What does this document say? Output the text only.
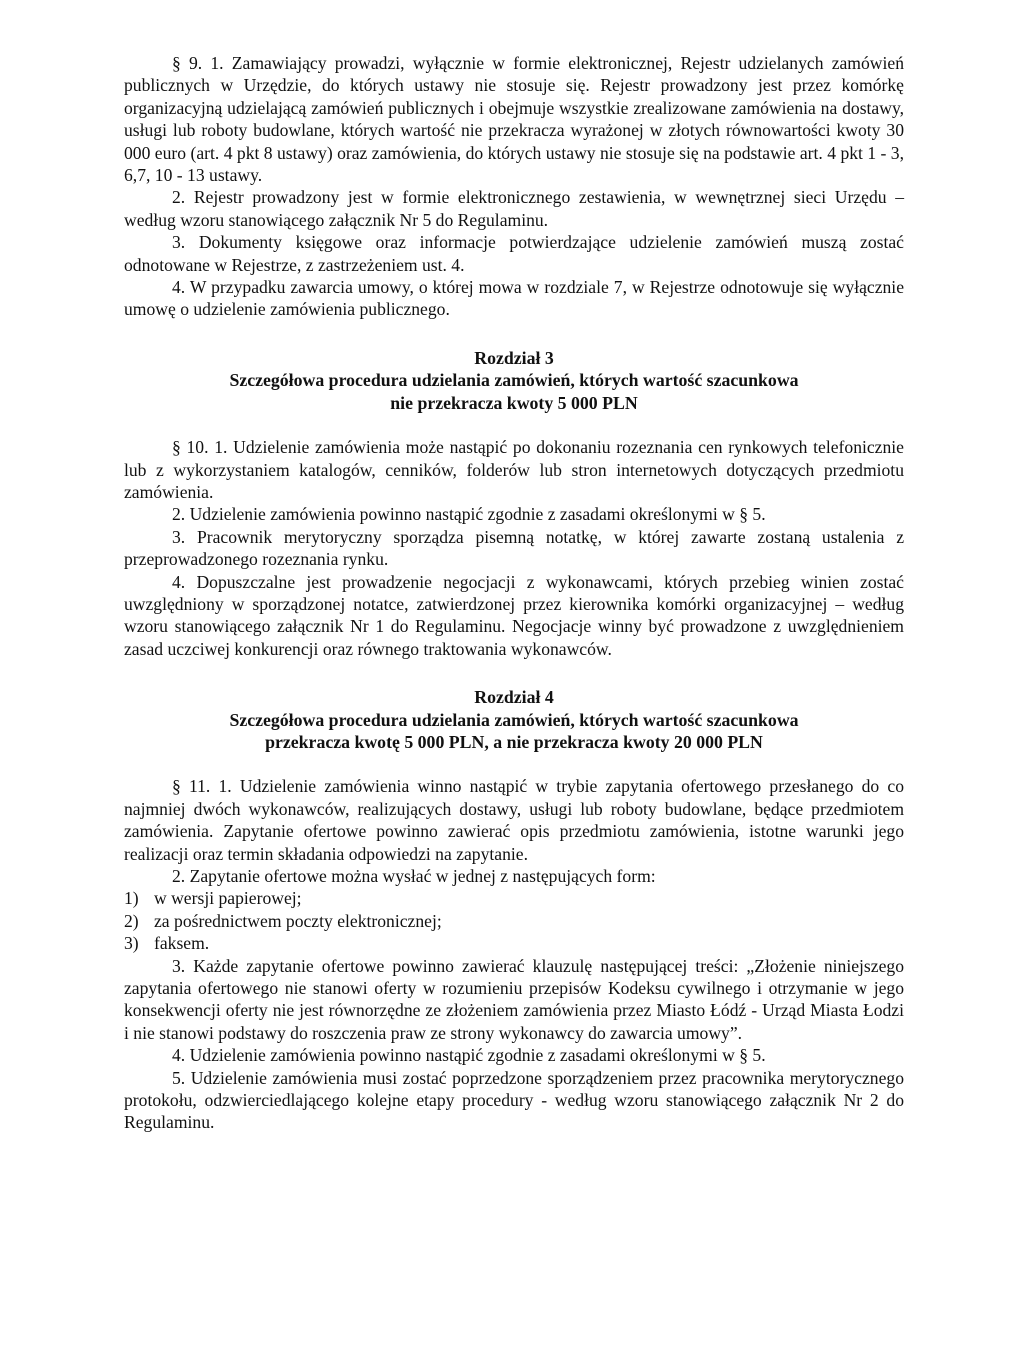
§ 9. 1. Zamawiający prowadzi, wyłącznie w formie elektronicznej, Rejestr udzielanych zamówień publicznych w Urzędzie, do których ustawy nie stosuje się. Rejestr prowadzony jest przez komórkę organizacyjną udzielającą zamówień publicznych i obejmuje wszystkie zrealizowane zamówienia na dostawy, usługi lub roboty budowlane, których wartość nie przekracza wyrażonej w złotych równowartości kwoty 30 000 euro (art. 4 pkt 8 ustawy) oraz zamówienia, do których ustawy nie stosuje się na podstawie art. 4 pkt 1 - 3, 6,7, 10 - 13 ustawy.

2. Rejestr prowadzony jest w formie elektronicznego zestawienia, w wewnętrznej sieci Urzędu – według wzoru stanowiącego załącznik Nr 5 do Regulaminu.

3. Dokumenty księgowe oraz informacje potwierdzające udzielenie zamówień muszą zostać odnotowane w Rejestrze, z zastrzeżeniem ust. 4.

4. W przypadku zawarcia umowy, o której mowa w rozdziale 7, w Rejestrze odnotowuje się wyłącznie umowę o udzielenie zamówienia publicznego.

Rozdział 3
Szczegółowa procedura udzielania zamówień, których wartość szacunkowa
nie przekracza kwoty 5 000 PLN

§ 10. 1. Udzielenie zamówienia może nastąpić po dokonaniu rozeznania cen rynkowych telefonicznie lub z wykorzystaniem katalogów, cenników, folderów lub stron internetowych dotyczących przedmiotu zamówienia.

2. Udzielenie zamówienia powinno nastąpić zgodnie z zasadami określonymi w § 5.

3. Pracownik merytoryczny sporządza pisemną notatkę, w której zawarte zostaną ustalenia z przeprowadzonego rozeznania rynku.

4. Dopuszczalne jest prowadzenie negocjacji z wykonawcami, których przebieg winien zostać uwzględniony w sporządzonej notatce, zatwierdzonej przez kierownika komórki organizacyjnej – według wzoru stanowiącego załącznik Nr 1 do Regulaminu. Negocjacje winny być prowadzone z uwzględnieniem zasad uczciwej konkurencji oraz równego traktowania wykonawców.

Rozdział 4
Szczegółowa procedura udzielania zamówień, których wartość szacunkowa
przekracza kwotę 5 000 PLN, a nie przekracza kwoty 20 000 PLN

§ 11. 1. Udzielenie zamówienia winno nastąpić w trybie zapytania ofertowego przesłanego do co najmniej dwóch wykonawców, realizujących dostawy, usługi lub roboty budowlane, będące przedmiotem zamówienia. Zapytanie ofertowe powinno zawierać opis przedmiotu zamówienia, istotne warunki jego realizacji oraz termin składania odpowiedzi na zapytanie.

2. Zapytanie ofertowe można wysłać w jednej z następujących form:

1) w wersji papierowej;
2) za pośrednictwem poczty elektronicznej;
3) faksem.

3. Każde zapytanie ofertowe powinno zawierać klauzulę następującej treści: „Złożenie niniejszego zapytania ofertowego nie stanowi oferty w rozumieniu przepisów Kodeksu cywilnego i otrzymanie w jego konsekwencji oferty nie jest równorzędne ze złożeniem zamówienia przez Miasto Łódź - Urząd Miasta Łodzi i nie stanowi podstawy do roszczenia praw ze strony wykonawcy do zawarcia umowy”.

4. Udzielenie zamówienia powinno nastąpić zgodnie z zasadami określonymi w § 5.

5. Udzielenie zamówienia musi zostać poprzedzone sporządzeniem przez pracownika merytorycznego protokołu, odzwierciedlającego kolejne etapy procedury - według wzoru stanowiącego załącznik Nr 2 do Regulaminu.
